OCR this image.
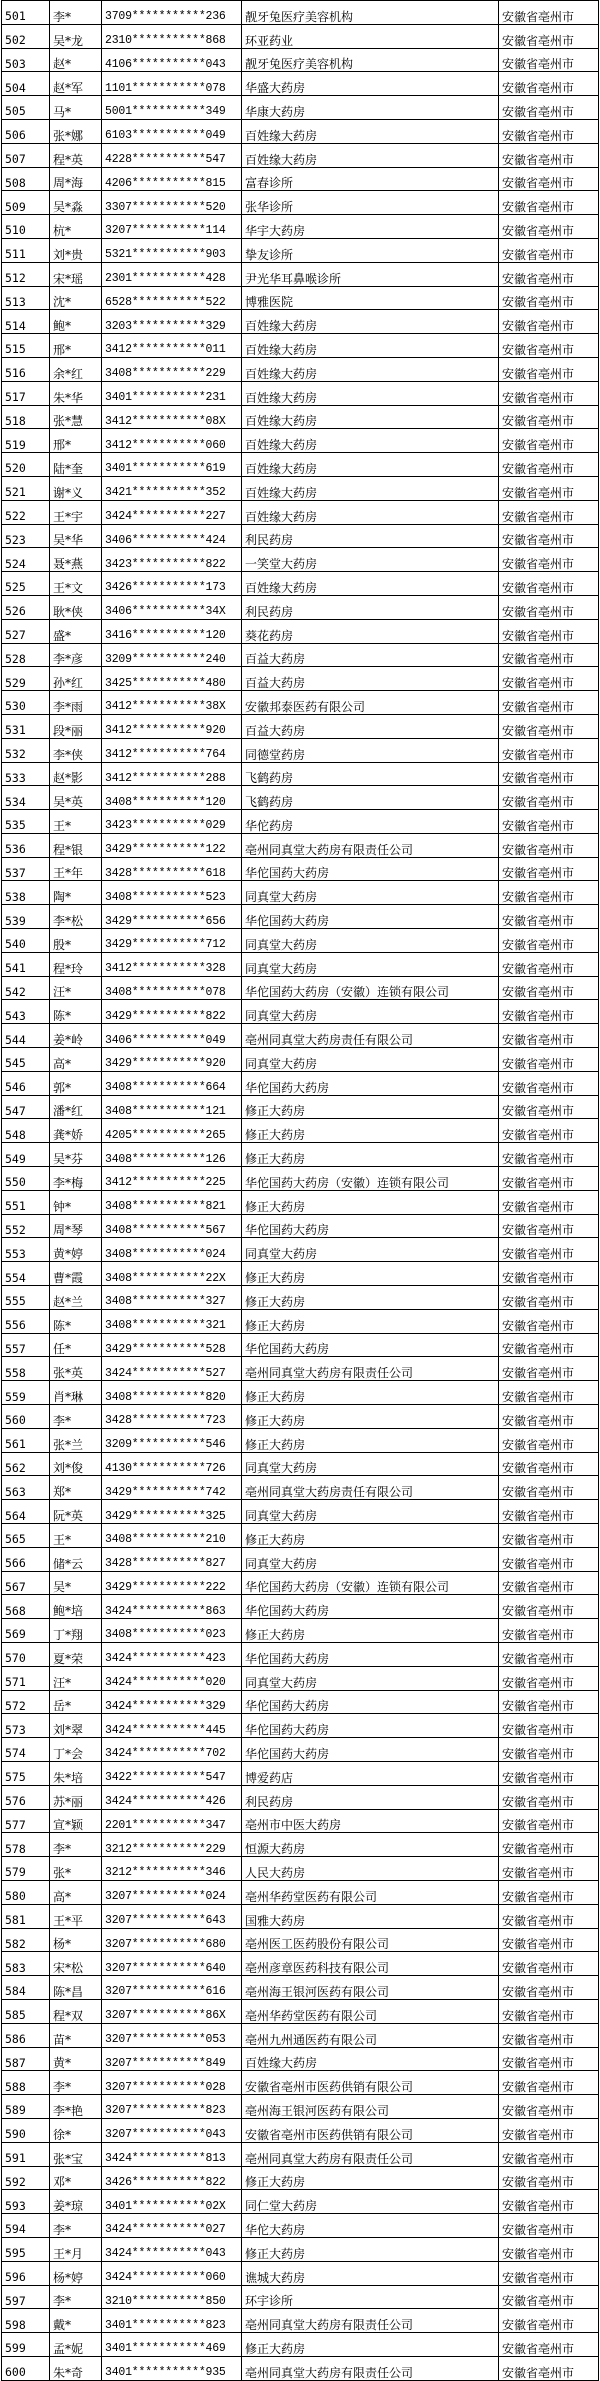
501	李*	3709***********236	靓牙兔医疗美容机构	安徽省亳州市
502	吴*龙	2310***********868	环亚药业	安徽省亳州市
503	赵*	4106***********043	靓牙兔医疗美容机构	安徽省亳州市
504	赵*军	1101***********078	华盛大药房	安徽省亳州市
505	马*	5001***********349	华康大药房	安徽省亳州市
506	张*娜	6103***********049	百姓缘大药房	安徽省亳州市
507	程*英	4228***********547	百姓缘大药房	安徽省亳州市
508	周*海	4206***********815	富春诊所	安徽省亳州市
509	吴*淼	3307***********520	张华诊所	安徽省亳州市
510	杭*	3207***********114	华宇大药房	安徽省亳州市
511	刘*贵	5321***********903	挚友诊所	安徽省亳州市
512	宋*瑶	2301***********428	尹光华耳鼻喉诊所	安徽省亳州市
513	沈*	6528***********522	博雅医院	安徽省亳州市
514	鲍*	3203***********329	百姓缘大药房	安徽省亳州市
515	邢*	3412***********011	百姓缘大药房	安徽省亳州市
516	余*红	3408***********229	百姓缘大药房	安徽省亳州市
517	朱*华	3401***********231	百姓缘大药房	安徽省亳州市
518	张*慧	3412***********08X	百姓缘大药房	安徽省亳州市
519	邢*	3412***********060	百姓缘大药房	安徽省亳州市
520	陆*奎	3401***********619	百姓缘大药房	安徽省亳州市
521	谢*义	3421***********352	百姓缘大药房	安徽省亳州市
522	王*宇	3424***********227	百姓缘大药房	安徽省亳州市
523	吴*华	3406***********424	利民药房	安徽省亳州市
524	聂*燕	3423***********822	一笑堂大药房	安徽省亳州市
525	王*文	3426***********173	百姓缘大药房	安徽省亳州市
526	耿*侠	3406***********34X	利民药房	安徽省亳州市
527	盛*	3416***********120	葵花药房	安徽省亳州市
528	李*彦	3209***********240	百益大药房	安徽省亳州市
529	孙*红	3425***********480	百益大药房	安徽省亳州市
530	李*雨	3412***********38X	安徽邦泰医药有限公司	安徽省亳州市
531	段*丽	3412***********920	百益大药房	安徽省亳州市
532	李*侠	3412***********764	同德堂药房	安徽省亳州市
533	赵*影	3412***********288	飞鹤药房	安徽省亳州市
534	吴*英	3408***********120	飞鹤药房	安徽省亳州市
535	王*	3423***********029	华佗药房	安徽省亳州市
536	程*银	3429***********122	亳州同真堂大药房有限责任公司	安徽省亳州市
537	王*年	3428***********618	华佗国药大药房	安徽省亳州市
538	陶*	3408***********523	同真堂大药房	安徽省亳州市
539	李*松	3429***********656	华佗国药大药房	安徽省亳州市
540	殷*	3429***********712	同真堂大药房	安徽省亳州市
541	程*玲	3412***********328	同真堂大药房	安徽省亳州市
542	汪*	3408***********078	华佗国药大药房（安徽）连锁有限公司	安徽省亳州市
543	陈*	3429***********822	同真堂大药房	安徽省亳州市
544	姜*岭	3406***********049	亳州同真堂大药房责任有限公司	安徽省亳州市
545	高*	3429***********920	同真堂大药房	安徽省亳州市
546	郭*	3408***********664	华佗国药大药房	安徽省亳州市
547	潘*红	3408***********121	修正大药房	安徽省亳州市
548	龚*娇	4205***********265	修正大药房	安徽省亳州市
549	吴*芬	3408***********126	修正大药房	安徽省亳州市
550	李*梅	3412***********225	华佗国药大药房（安徽）连锁有限公司	安徽省亳州市
551	钟*	3408***********821	修正大药房	安徽省亳州市
552	周*琴	3408***********567	华佗国药大药房	安徽省亳州市
553	黄*婷	3408***********024	同真堂大药房	安徽省亳州市
554	曹*霞	3408***********22X	修正大药房	安徽省亳州市
555	赵*兰	3408***********327	修正大药房	安徽省亳州市
556	陈*	3408***********321	修正大药房	安徽省亳州市
557	任*	3429***********528	华佗国药大药房	安徽省亳州市
558	张*英	3424***********527	亳州同真堂大药房有限责任公司	安徽省亳州市
559	肖*琳	3408***********820	修正大药房	安徽省亳州市
560	李*	3428***********723	修正大药房	安徽省亳州市
561	张*兰	3209***********546	修正大药房	安徽省亳州市
562	刘*俊	4130***********726	同真堂大药房	安徽省亳州市
563	郑*	3429***********742	亳州同真堂大药房责任有限公司	安徽省亳州市
564	阮*英	3429***********325	同真堂大药房	安徽省亳州市
565	王*	3408***********210	修正大药房	安徽省亳州市
566	储*云	3428***********827	同真堂大药房	安徽省亳州市
567	吴*	3429***********222	华佗国药大药房（安徽）连锁有限公司	安徽省亳州市
568	鲍*培	3424***********863	华佗国药大药房	安徽省亳州市
569	丁*翔	3408***********023	修正大药房	安徽省亳州市
570	夏*荣	3424***********423	华佗国药大药房	安徽省亳州市
571	汪*	3424***********020	同真堂大药房	安徽省亳州市
572	岳*	3424***********329	华佗国药大药房	安徽省亳州市
573	刘*翠	3424***********445	华佗国药大药房	安徽省亳州市
574	丁*会	3424***********702	华佗国药大药房	安徽省亳州市
575	朱*培	3422***********547	博爱药店	安徽省亳州市
576	苏*丽	3424***********426	利民药房	安徽省亳州市
577	宣*颖	2201***********347	亳州市中医大药房	安徽省亳州市
578	李*	3212***********229	恒源大药房	安徽省亳州市
579	张*	3212***********346	人民大药房	安徽省亳州市
580	高*	3207***********024	亳州华药堂医药有限公司	安徽省亳州市
581	王*平	3207***********643	国雅大药房	安徽省亳州市
582	杨*	3207***********680	亳州医工医药股份有限公司	安徽省亳州市
583	宋*松	3207***********640	亳州彦章医药科技有限公司	安徽省亳州市
584	陈*昌	3207***********616	亳州海王银河医药有限公司	安徽省亳州市
585	程*双	3207***********86X	亳州华药堂医药有限公司	安徽省亳州市
586	苗*	3207***********053	亳州九州通医药有限公司	安徽省亳州市
587	黄*	3207***********849	百姓缘大药房	安徽省亳州市
588	李*	3207***********028	安徽省亳州市医药供销有限公司	安徽省亳州市
589	李*艳	3207***********823	亳州海王银河医药有限公司	安徽省亳州市
590	徐*	3207***********043	安徽省亳州市医药供销有限公司	安徽省亳州市
591	张*宝	3424***********813	亳州同真堂大药房有限责任公司	安徽省亳州市
592	邓*	3426***********822	修正大药房	安徽省亳州市
593	姜*琼	3401***********02X	同仁堂大药房	安徽省亳州市
594	李*	3424***********027	华佗大药房	安徽省亳州市
595	王*月	3424***********043	修正大药房	安徽省亳州市
596	杨*婷	3424***********060	谯城大药房	安徽省亳州市
597	李*	3210***********850	环宇诊所	安徽省亳州市
598	戴*	3401***********823	亳州同真堂大药房有限责任公司	安徽省亳州市
599	孟*妮	3401***********469	修正大药房	安徽省亳州市
600	朱*奇	3401***********935	亳州同真堂大药房有限责任公司	安徽省亳州市
